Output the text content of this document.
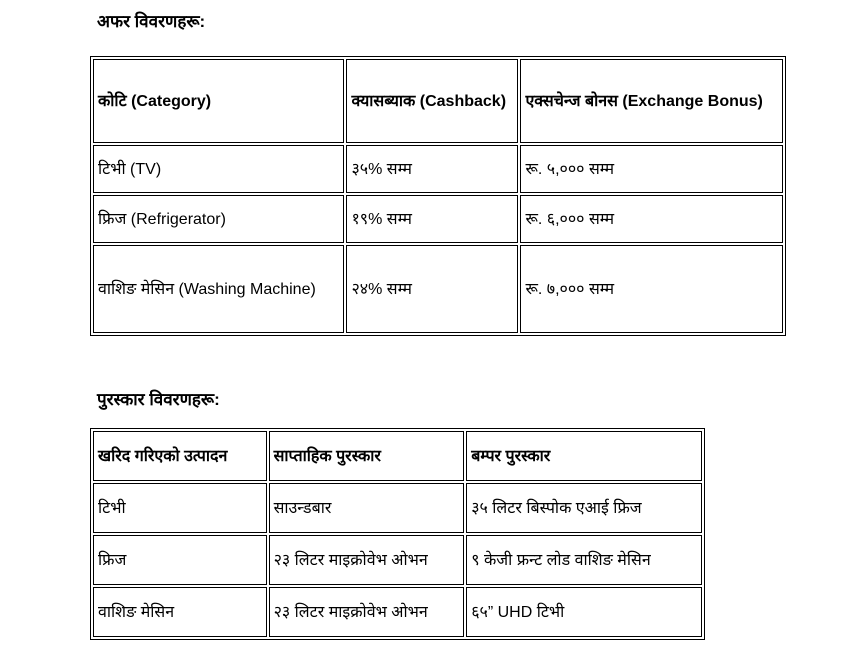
अफर विवरणहरू:
कोटि (Category)	क्यासब्याक (Cashback)	एक्सचेन्ज बोनस (Exchange Bonus)
टिभी (TV)	३५% सम्म	रू. ५,००० सम्म
फ्रिज (Refrigerator)	१९% सम्म	रू. ६,००० सम्म
वाशिङ मेसिन (Washing Machine)	२४% सम्म	रू. ७,००० सम्म
पुरस्कार विवरणहरू:
खरिद गरिएको उत्पादन	साप्ताहिक पुरस्कार	बम्पर पुरस्कार
टिभी	साउन्डबार	३५ लिटर बिस्पोक एआई फ्रिज
फ्रिज	२३ लिटर माइक्रोवेभ ओभन	९ केजी फ्रन्ट लोड वाशिङ मेसिन
वाशिङ मेसिन	२३ लिटर माइक्रोवेभ ओभन	६५” UHD टिभी
